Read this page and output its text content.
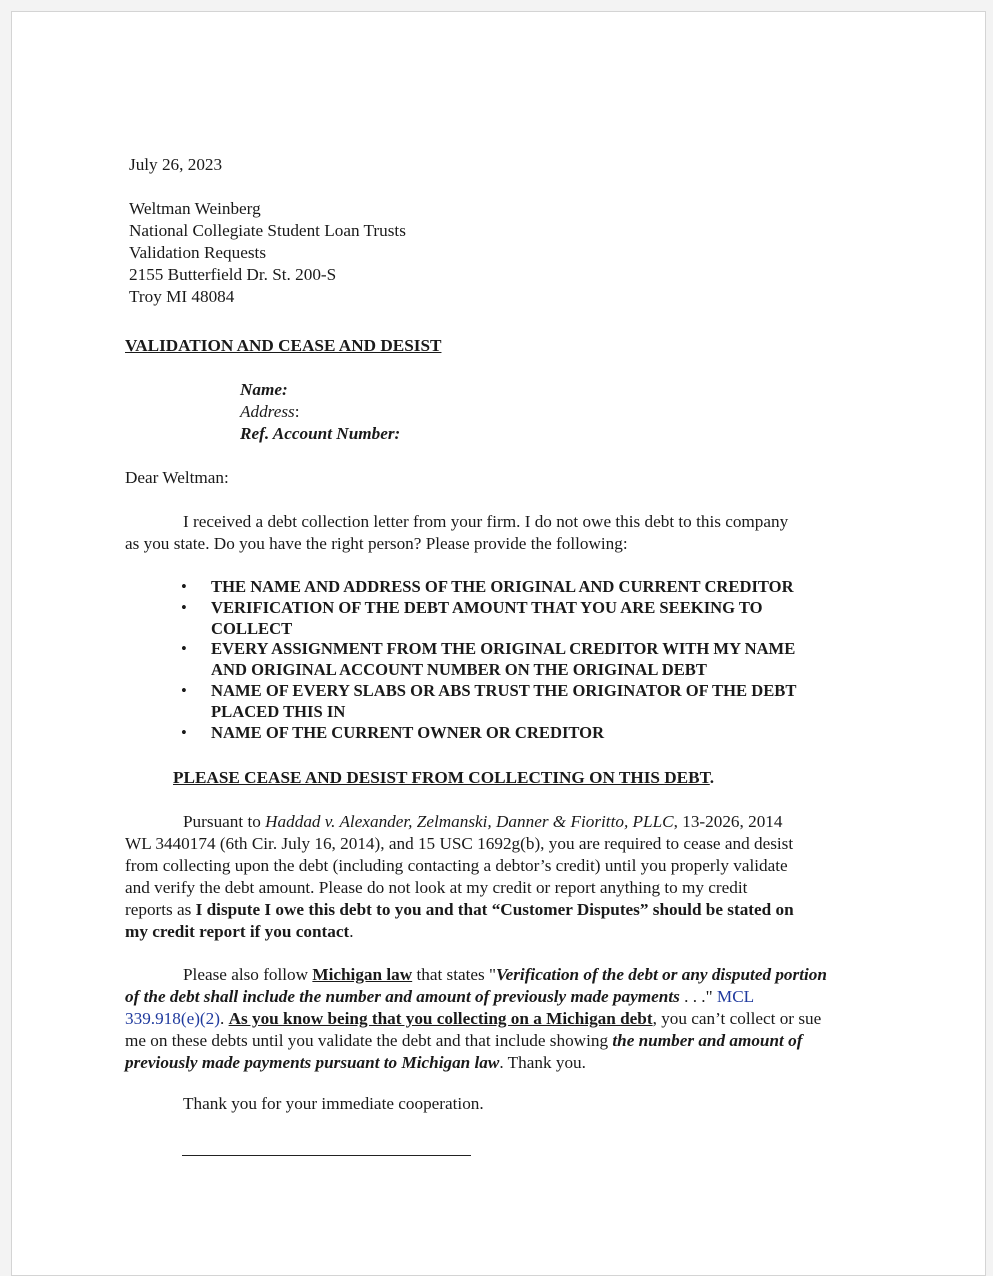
July 26, 2023
Weltman Weinberg
National Collegiate Student Loan Trusts
Validation Requests
2155 Butterfield Dr. St. 200-S
Troy MI 48084
VALIDATION AND CEASE AND DESIST
Name:
Address:
Ref. Account Number:
Dear Weltman:
I received a debt collection letter from your firm. I do not owe this debt to this company
as you state. Do you have the right person? Please provide the following:
• THE NAME AND ADDRESS OF THE ORIGINAL AND CURRENT CREDITOR
• VERIFICATION OF THE DEBT AMOUNT THAT YOU ARE SEEKING TO
COLLECT
• EVERY ASSIGNMENT FROM THE ORIGINAL CREDITOR WITH MY NAME
AND ORIGINAL ACCOUNT NUMBER ON THE ORIGINAL DEBT
• NAME OF EVERY SLABS OR ABS TRUST THE ORIGINATOR OF THE DEBT
PLACED THIS IN
• NAME OF THE CURRENT OWNER OR CREDITOR
PLEASE CEASE AND DESIST FROM COLLECTING ON THIS DEBT.
Pursuant to Haddad v. Alexander, Zelmanski, Danner & Fioritto, PLLC, 13-2026, 2014
WL 3440174 (6th Cir. July 16, 2014), and 15 USC 1692g(b), you are required to cease and desist
from collecting upon the debt (including contacting a debtor’s credit) until you properly validate
and verify the debt amount. Please do not look at my credit or report anything to my credit
reports as I dispute I owe this debt to you and that “Customer Disputes” should be stated on
my credit report if you contact.
Please also follow Michigan law that states "Verification of the debt or any disputed portion
of the debt shall include the number and amount of previously made payments . . ." MCL
339.918(e)(2). As you know being that you collecting on a Michigan debt, you can’t collect or sue
me on these debts until you validate the debt and that include showing the number and amount of
previously made payments pursuant to Michigan law. Thank you.
Thank you for your immediate cooperation.
